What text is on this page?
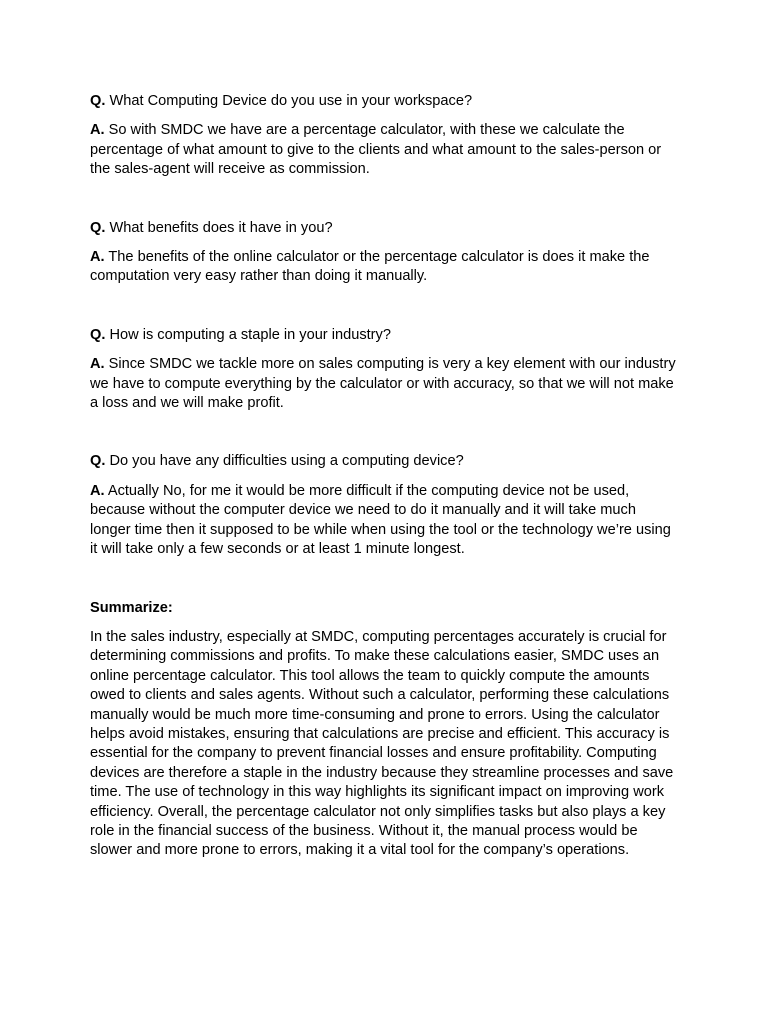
Q. What Computing Device do you use in your workspace?

A. So with SMDC we have are a percentage calculator, with these we calculate the percentage of what amount to give to the clients and what amount to the sales-person or the sales-agent will receive as commission.

Q. What benefits does it have in you?

A. The benefits of the online calculator or the percentage calculator is does it make the computation very easy rather than doing it manually.

Q. How is computing a staple in your industry?

A. Since SMDC we tackle more on sales computing is very a key element with our industry we have to compute everything by the calculator or with accuracy, so that we will not make a loss and we will make profit.

Q. Do you have any difficulties using a computing device?

A. Actually No, for me it would be more difficult if the computing device not be used, because without the computer device we need to do it manually and it will take much longer time then it supposed to be while when using the tool or the technology we’re using it will take only a few seconds or at least 1 minute longest.

Summarize:

In the sales industry, especially at SMDC, computing percentages accurately is crucial for determining commissions and profits. To make these calculations easier, SMDC uses an online percentage calculator. This tool allows the team to quickly compute the amounts owed to clients and sales agents. Without such a calculator, performing these calculations manually would be much more time-consuming and prone to errors. Using the calculator helps avoid mistakes, ensuring that calculations are precise and efficient. This accuracy is essential for the company to prevent financial losses and ensure profitability. Computing devices are therefore a staple in the industry because they streamline processes and save time. The use of technology in this way highlights its significant impact on improving work efficiency. Overall, the percentage calculator not only simplifies tasks but also plays a key role in the financial success of the business. Without it, the manual process would be slower and more prone to errors, making it a vital tool for the company’s operations.
